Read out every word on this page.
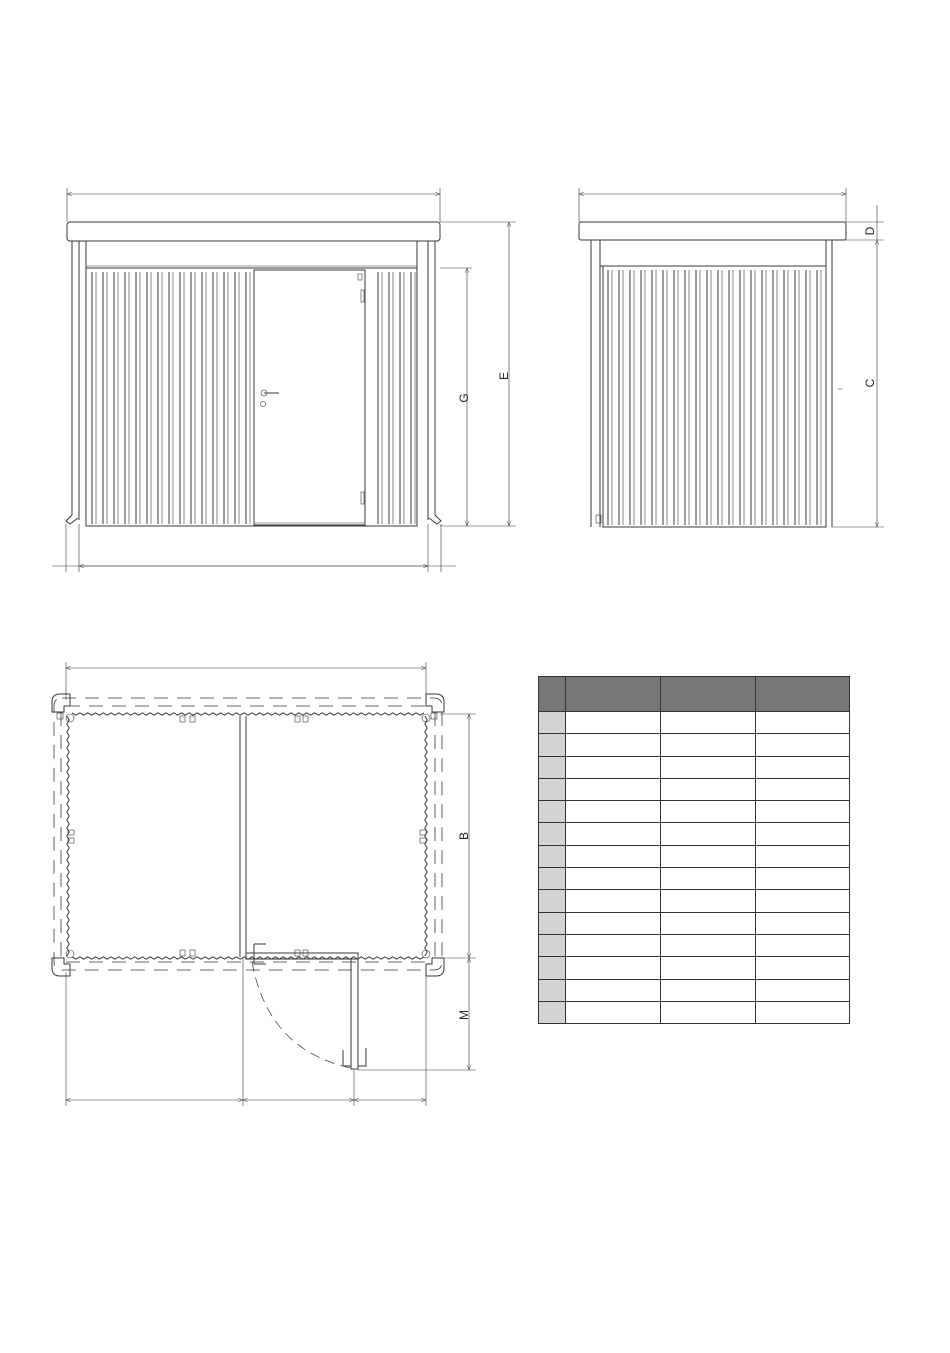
G
E
D
C
B
M
